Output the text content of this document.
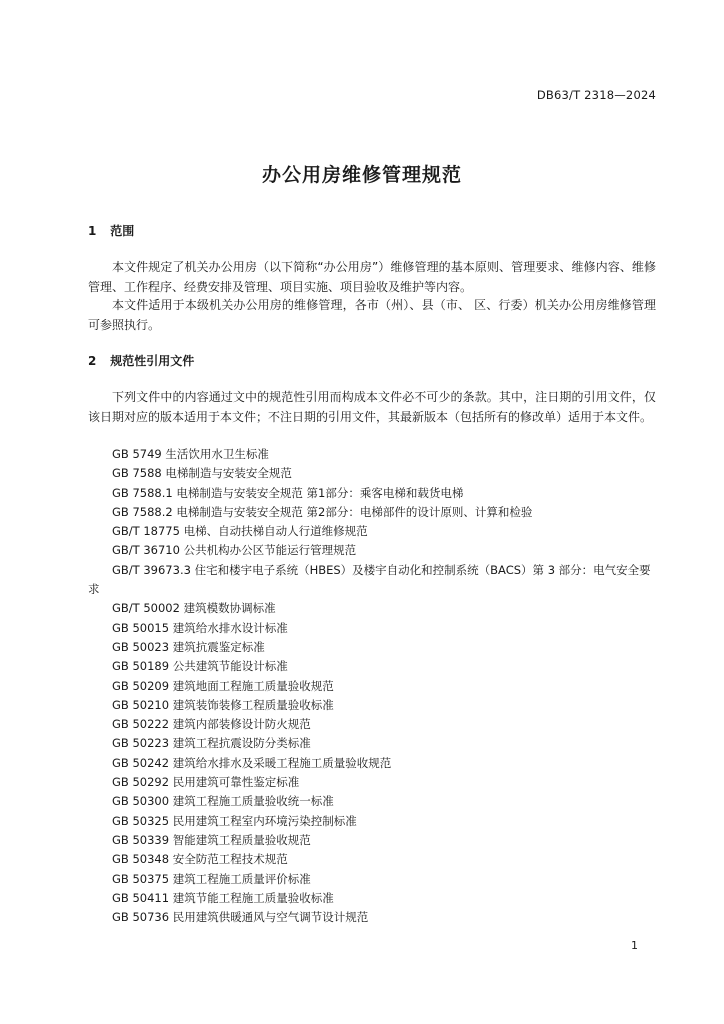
DB63/T 2318—2024
办公用房维修管理规范
1 范围
本文件规定了机关办公用房（以下简称“办公用房”）维修管理的基本原则、管理要求、维修内容、维修管理、工作程序、经费安排及管理、项目实施、项目验收及维护等内容。
本文件适用于本级机关办公用房的维修管理，各市（州）、县（市、 区、行委）机关办公用房维修管理可参照执行。
2 规范性引用文件
下列文件中的内容通过文中的规范性引用而构成本文件必不可少的条款。其中，注日期的引用文件，仅该日期对应的版本适用于本文件；不注日期的引用文件，其最新版本（包括所有的修改单）适用于本文件。
GB 5749 生活饮用水卫生标准
GB 7588 电梯制造与安装安全规范
GB 7588.1 电梯制造与安装安全规范 第1部分：乘客电梯和载货电梯
GB 7588.2 电梯制造与安装安全规范 第2部分：电梯部件的设计原则、计算和检验
GB/T 18775 电梯、自动扶梯自动人行道维修规范
GB/T 36710 公共机构办公区节能运行管理规范
GB/T 39673.3 住宅和楼宇电子系统（HBES）及楼宇自动化和控制系统（BACS）第 3 部分：电气安全要求
GB/T 50002 建筑模数协调标准
GB 50015 建筑给水排水设计标准
GB 50023 建筑抗震鉴定标准
GB 50189 公共建筑节能设计标准
GB 50209 建筑地面工程施工质量验收规范
GB 50210 建筑装饰装修工程质量验收标准
GB 50222 建筑内部装修设计防火规范
GB 50223 建筑工程抗震设防分类标准
GB 50242 建筑给水排水及采暖工程施工质量验收规范
GB 50292 民用建筑可靠性鉴定标准
GB 50300 建筑工程施工质量验收统一标准
GB 50325 民用建筑工程室内环境污染控制标准
GB 50339 智能建筑工程质量验收规范
GB 50348 安全防范工程技术规范
GB 50375 建筑工程施工质量评价标准
GB 50411 建筑节能工程施工质量验收标准
GB 50736 民用建筑供暖通风与空气调节设计规范
1
